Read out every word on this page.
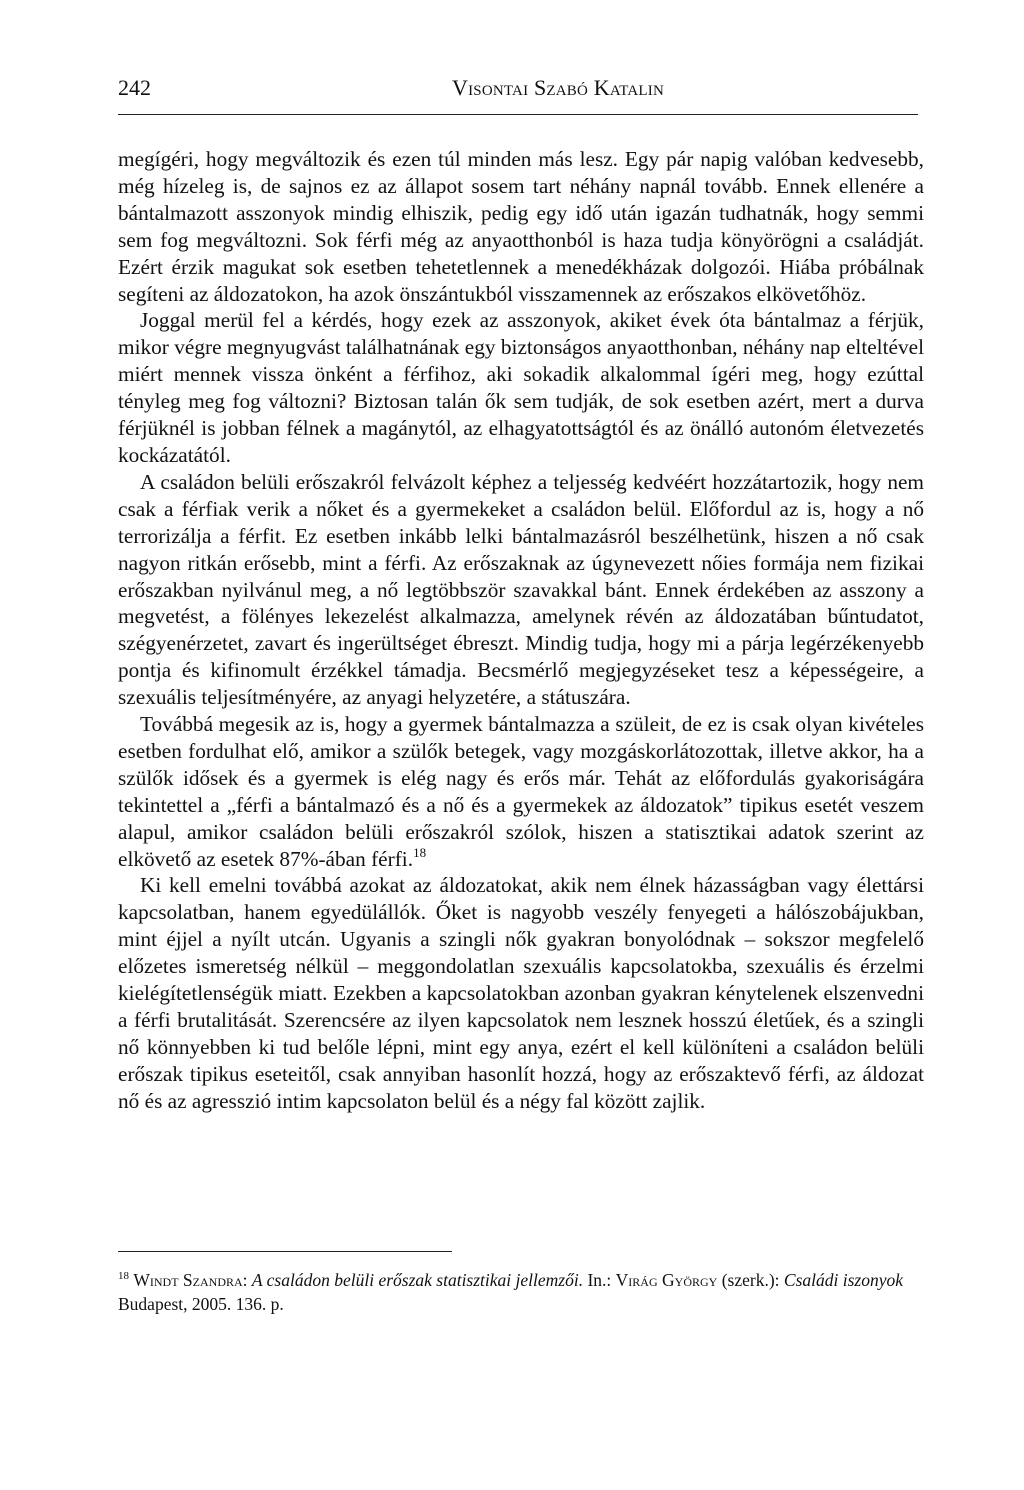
242	Visontai Szabó Katalin

megígéri, hogy megváltozik és ezen túl minden más lesz. Egy pár napig valóban kedvesebb, még hízeleg is, de sajnos ez az állapot sosem tart néhány napnál tovább. Ennek ellenére a bántalmazott asszonyok mindig elhiszik, pedig egy idő után igazán tudhatnák, hogy semmi sem fog megváltozni. Sok férfi még az anyaotthonból is haza tudja könyörögni a családját. Ezért érzik magukat sok esetben tehetetlennek a menedékházak dolgozói. Hiába próbálnak segíteni az áldozatokon, ha azok önszántukból visszamennek az erőszakos elkövetőhöz.

Joggal merül fel a kérdés, hogy ezek az asszonyok, akiket évek óta bántalmaz a férjük, mikor végre megnyugvást találhatnának egy biztonságos anyaotthonban, néhány nap elteltével miért mennek vissza önként a férfihoz, aki sokadik alkalommal ígéri meg, hogy ezúttal tényleg meg fog változni? Biztosan talán ők sem tudják, de sok esetben azért, mert a durva férjüknél is jobban félnek a magánytól, az elhagyatottságtól és az önálló autonóm életvezetés kockázatától.

A családon belüli erőszakról felvázolt képhez a teljesség kedvéért hozzátartozik, hogy nem csak a férfiak verik a nőket és a gyermekeket a családon belül. Előfordul az is, hogy a nő terrorizálja a férfit. Ez esetben inkább lelki bántalmazásról beszélhetünk, hiszen a nő csak nagyon ritkán erősebb, mint a férfi. Az erőszaknak az úgynevezett nőies formája nem fizikai erőszakban nyilvánul meg, a nő legtöbbször szavakkal bánt. Ennek érdekében az asszony a megvetést, a fölényes lekezelést alkalmazza, amelynek révén az áldozatában bűntudatot, szégyenérzetet, zavart és ingerültséget ébreszt. Mindig tudja, hogy mi a párja legérzékenyebb pontja és kifinomult érzékkel támadja. Becsmérlő megjegyzéseket tesz a képességeire, a szexuális teljesítményére, az anyagi helyzetére, a státuszára.

Továbbá megesik az is, hogy a gyermek bántalmazza a szüleit, de ez is csak olyan kivételes esetben fordulhat elő, amikor a szülők betegek, vagy mozgáskorlátozottak, illetve akkor, ha a szülők idősek és a gyermek is elég nagy és erős már. Tehát az előfordulás gyakoriságára tekintettel a „férfi a bántalmazó és a nő és a gyermekek az áldozatok” tipikus esetét veszem alapul, amikor családon belüli erőszakról szólok, hiszen a statisztikai adatok szerint az elkövető az esetek 87%-ában férfi.$^{18}$

Ki kell emelni továbbá azokat az áldozatokat, akik nem élnek házasságban vagy élettársi kapcsolatban, hanem egyedülállók. Őket is nagyobb veszély fenyegeti a hálószobájukban, mint éjjel a nyílt utcán. Ugyanis a szingli nők gyakran bonyolódnak – sokszor megfelelő előzetes ismeretség nélkül – meggondolatlan szexuális kapcsolatokba, szexuális és érzelmi kielégítetlenségük miatt. Ezekben a kapcsolatokban azonban gyakran kénytelenek elszenvedni a férfi brutalitását. Szerencsére az ilyen kapcsolatok nem lesznek hosszú életűek, és a szingli nő könnyebben ki tud belőle lépni, mint egy anya, ezért el kell különíteni a családon belüli erőszak tipikus eseteitől, csak annyiban hasonlít hozzá, hogy az erőszaktevő férfi, az áldozat nő és az agresszió intim kapcsolaton belül és a négy fal között zajlik.

$^{18}$ Windt Szandra: A családon belüli erőszak statisztikai jellemzői. In.: Virág György (szerk.): Családi iszonyok Budapest, 2005. 136. p.
